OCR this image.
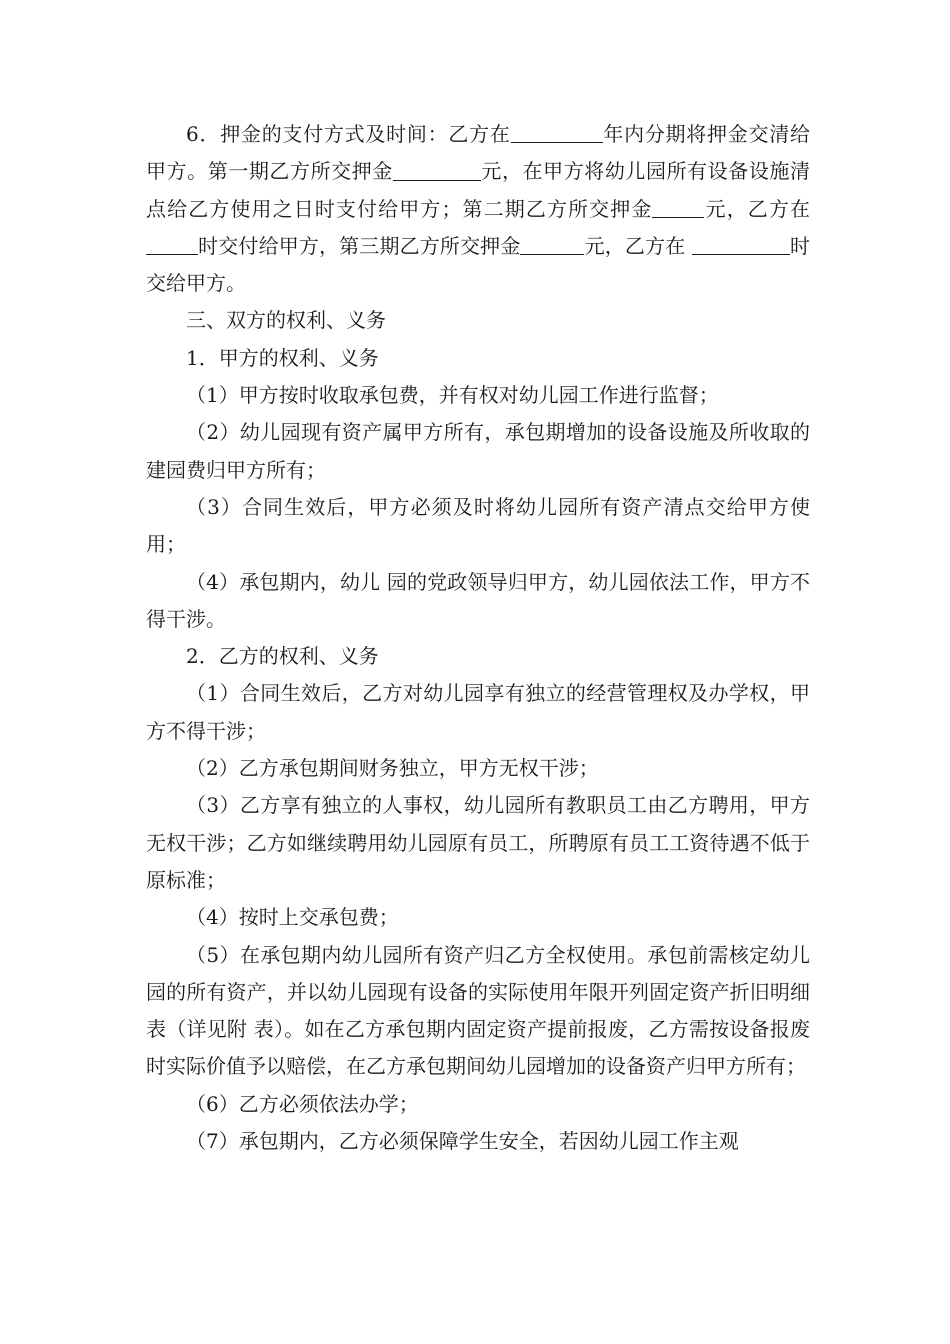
6．押金的支付方式及时间：乙方在	年内分期将押金交清给甲方。第一期乙方所交押金	元，在甲方将幼儿园所有设备设施清 点给乙方使用之日时支付给甲方；第二期乙方所交押金	元，乙方在时交付给甲方，第三期乙方所交押金	元，乙方在	时交给甲方。

三、双方的权利、义务

1．甲方的权利、义务

（1）甲方按时收取承包费，并有权对幼儿园工作进行监督；

（2）幼儿园现有资产属甲方所有，承包期增加的设备设施及所收取的建园费归甲方所有；

（3）合同生效后，甲方必须及时将幼儿园所有资产清点交给甲方使用；

（4）承包期内，幼儿 园的党政领导归甲方，幼儿园依法工作，甲方不得干涉。

2．乙方的权利、义务

（1）合同生效后，乙方对幼儿园享有独立的经营管理权及办学权，甲方不得干涉；

（2）乙方承包期间财务独立，甲方无权干涉；

（3）乙方享有独立的人事权，幼儿园所有教职员工由乙方聘用，甲方无权干涉；乙方如继续聘用幼儿园原有员工，所聘原有员工工资待遇不低于原标准；

（4）按时上交承包费；

（5）在承包期内幼儿园所有资产归乙方全权使用。承包前需核定幼儿园的所有资产，并以幼儿园现有设备的实际使用年限开列固定资产折旧明细表（详见附 表）。如在乙方承包期内固定资产提前报废，乙方需按设备报废时实际价值予以赔偿，在乙方承包期间幼儿园增加的设备资产归甲方所有；

（6）乙方必须依法办学；

（7）承包期内，乙方必须保障学生安全，若因幼儿园工作主观
